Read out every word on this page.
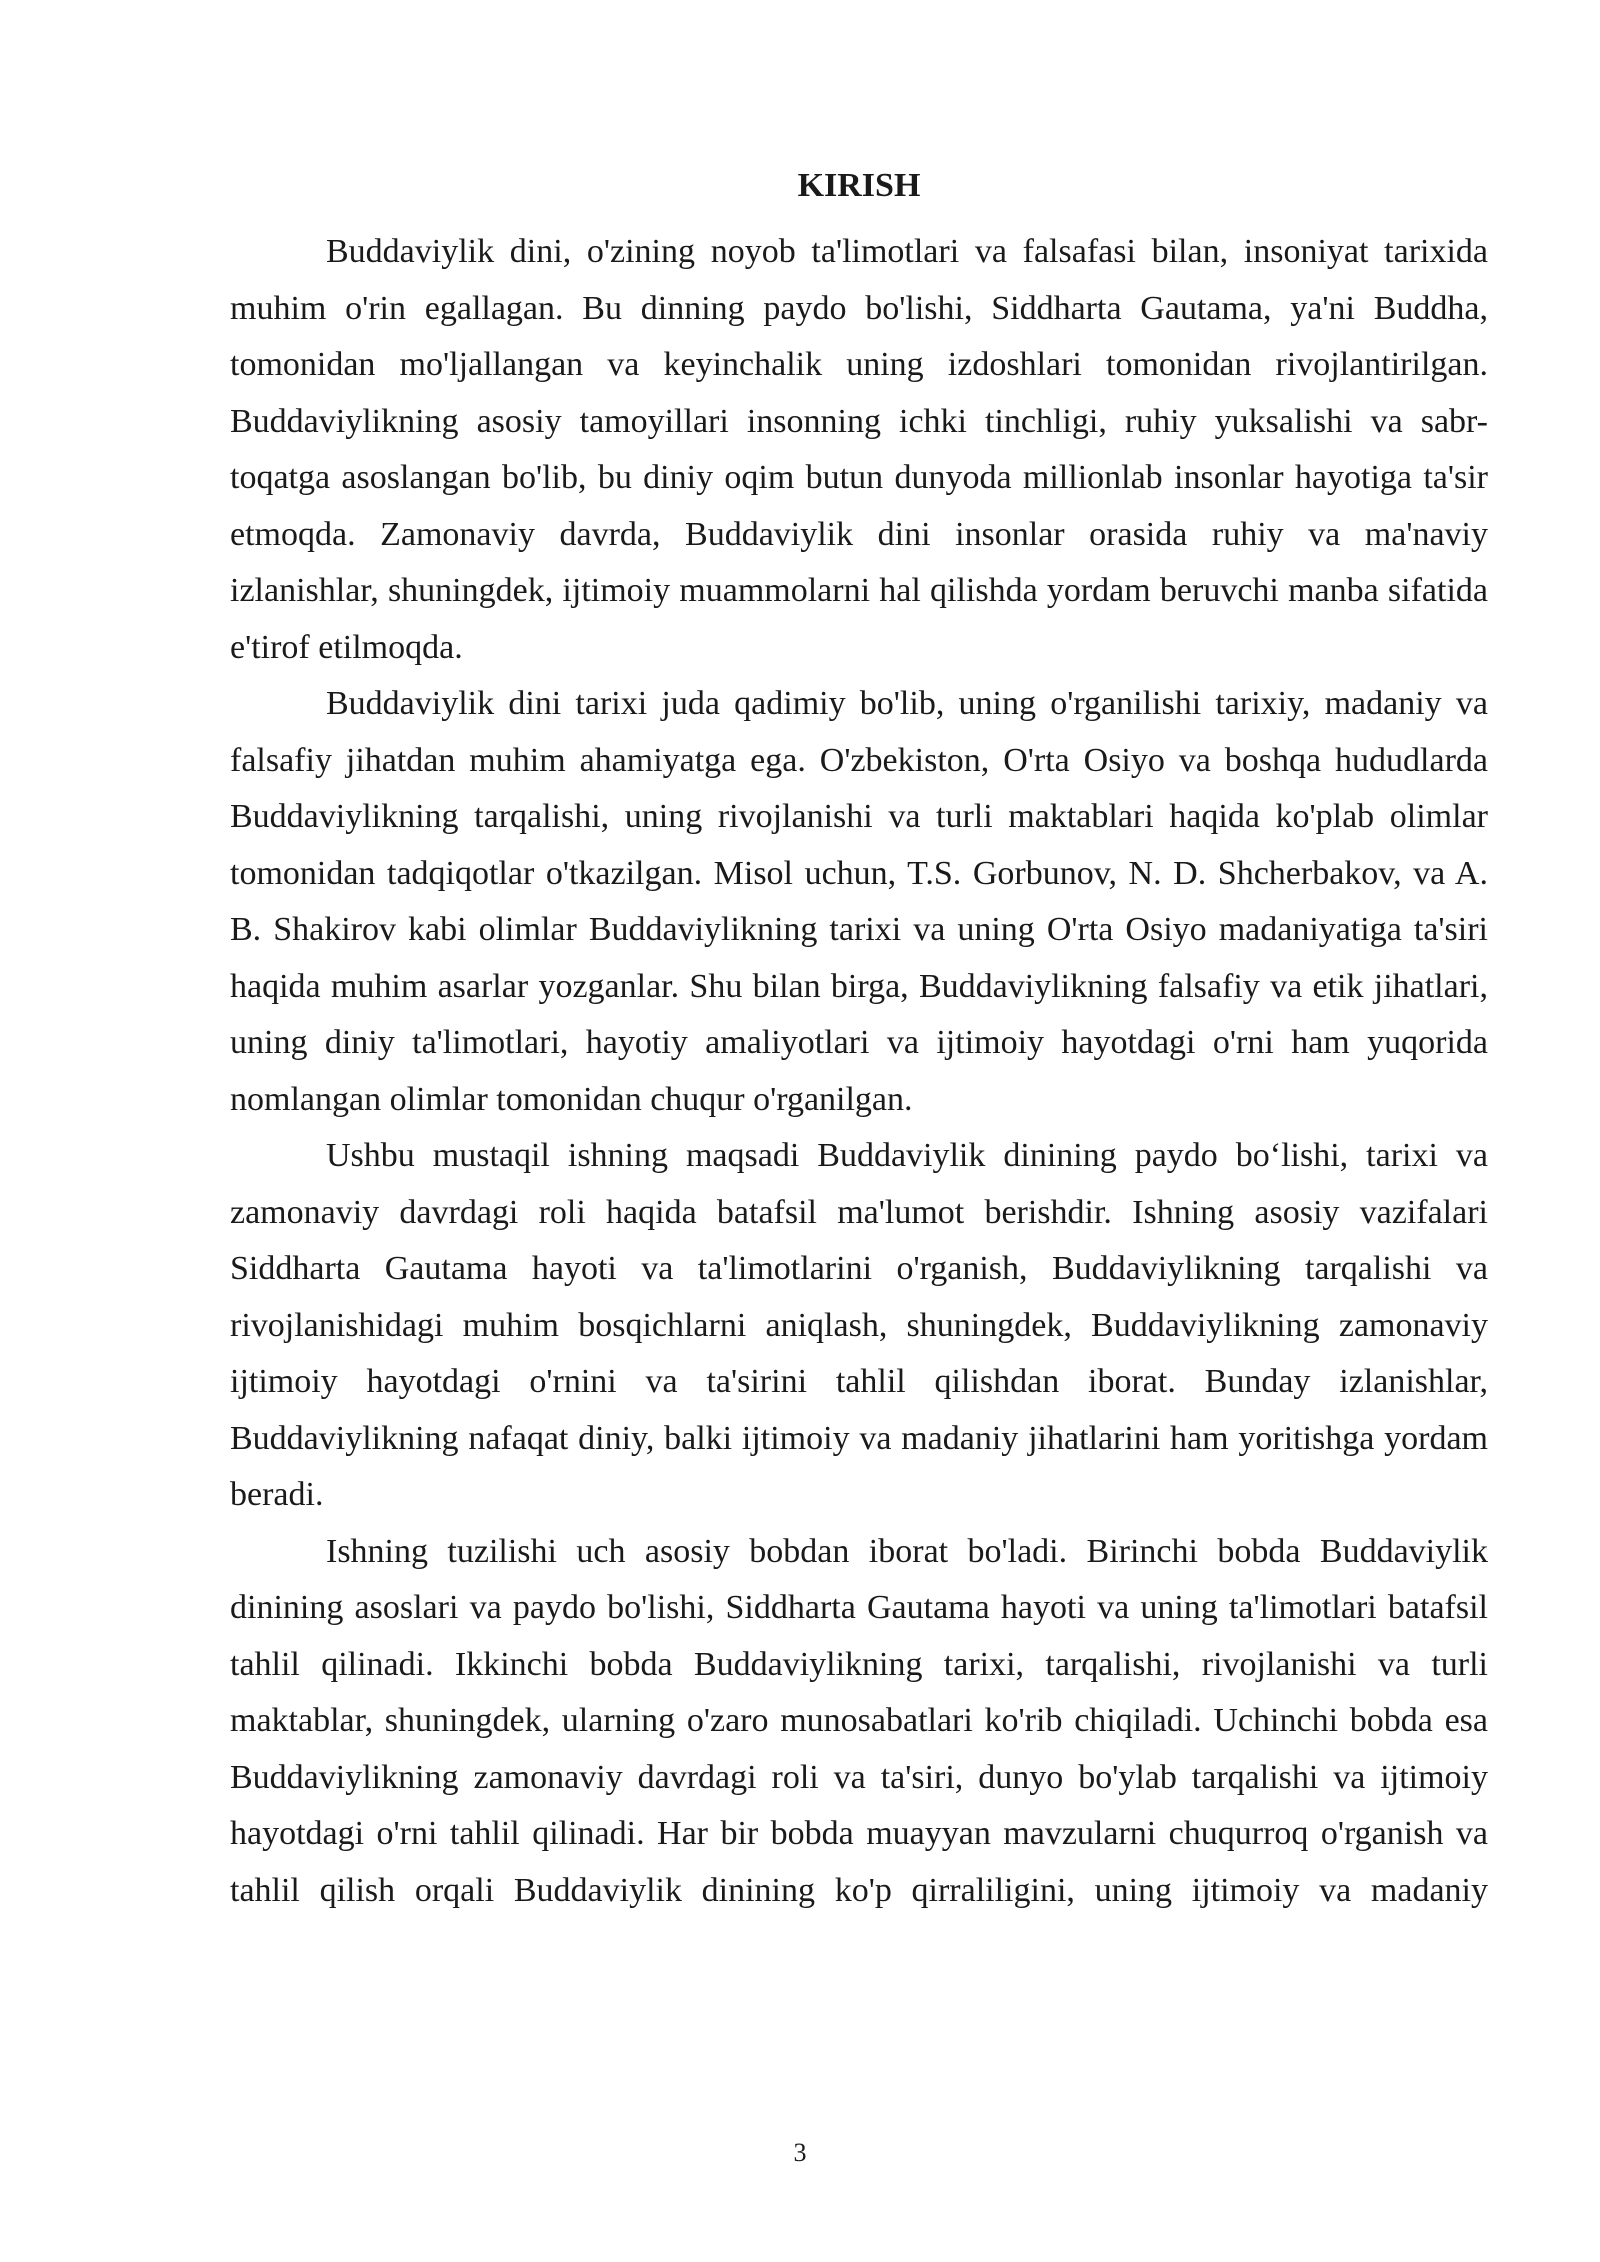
KIRISH

Buddaviylik dini, o'zining noyob ta'limotlari va falsafasi bilan, insoniyat tarixida muhim o'rin egallagan. Bu dinning paydo bo'lishi, Siddharta Gautama, ya'ni Buddha, tomonidan mo'ljallangan va keyinchalik uning izdoshlari tomonidan rivojlantirilgan. Buddaviylikning asosiy tamoyillari insonning ichki tinchligi, ruhiy yuksalishi va sabr-toqatga asoslangan bo'lib, bu diniy oqim butun dunyoda millionlab insonlar hayotiga ta'sir etmoqda. Zamonaviy davrda, Buddaviylik dini insonlar orasida ruhiy va ma'naviy izlanishlar, shuningdek, ijtimoiy muammolarni hal qilishda yordam beruvchi manba sifatida e'tirof etilmoqda.

Buddaviylik dini tarixi juda qadimiy bo'lib, uning o'rganilishi tarixiy, madaniy va falsafiy jihatdan muhim ahamiyatga ega. O'zbekiston, O'rta Osiyo va boshqa hududlarda Buddaviylikning tarqalishi, uning rivojlanishi va turli maktablari haqida ko'plab olimlar tomonidan tadqiqotlar o'tkazilgan. Misol uchun, T.S. Gorbunov, N. D. Shcherbakov, va A. B. Shakirov kabi olimlar Buddaviylikning tarixi va uning O'rta Osiyo madaniyatiga ta'siri haqida muhim asarlar yozganlar. Shu bilan birga, Buddaviylikning falsafiy va etik jihatlari, uning diniy ta'limotlari, hayotiy amaliyotlari va ijtimoiy hayotdagi o'rni ham yuqorida nomlangan olimlar tomonidan chuqur o'rganilgan.

Ushbu mustaqil ishning maqsadi Buddaviylik dinining paydo bo‘lishi, tarixi va zamonaviy davrdagi roli haqida batafsil ma'lumot berishdir. Ishning asosiy vazifalari Siddharta Gautama hayoti va ta'limotlarini o'rganish, Buddaviylikning tarqalishi va rivojlanishidagi muhim bosqichlarni aniqlash, shuningdek, Buddaviylikning zamonaviy ijtimoiy hayotdagi o'rnini va ta'sirini tahlil qilishdan iborat. Bunday izlanishlar, Buddaviylikning nafaqat diniy, balki ijtimoiy va madaniy jihatlarini ham yoritishga yordam beradi.

Ishning tuzilishi uch asosiy bobdan iborat bo'ladi. Birinchi bobda Buddaviylik dinining asoslari va paydo bo'lishi, Siddharta Gautama hayoti va uning ta'limotlari batafsil tahlil qilinadi. Ikkinchi bobda Buddaviylikning tarixi, tarqalishi, rivojlanishi va turli maktablar, shuningdek, ularning o'zaro munosabatlari ko'rib chiqiladi. Uchinchi bobda esa Buddaviylikning zamonaviy davrdagi roli va ta'siri, dunyo bo'ylab tarqalishi va ijtimoiy hayotdagi o'rni tahlil qilinadi. Har bir bobda muayyan mavzularni chuqurroq o'rganish va tahlil qilish orqali Buddaviylik dinining ko'p qirraliligini, uning ijtimoiy va madaniy

3
